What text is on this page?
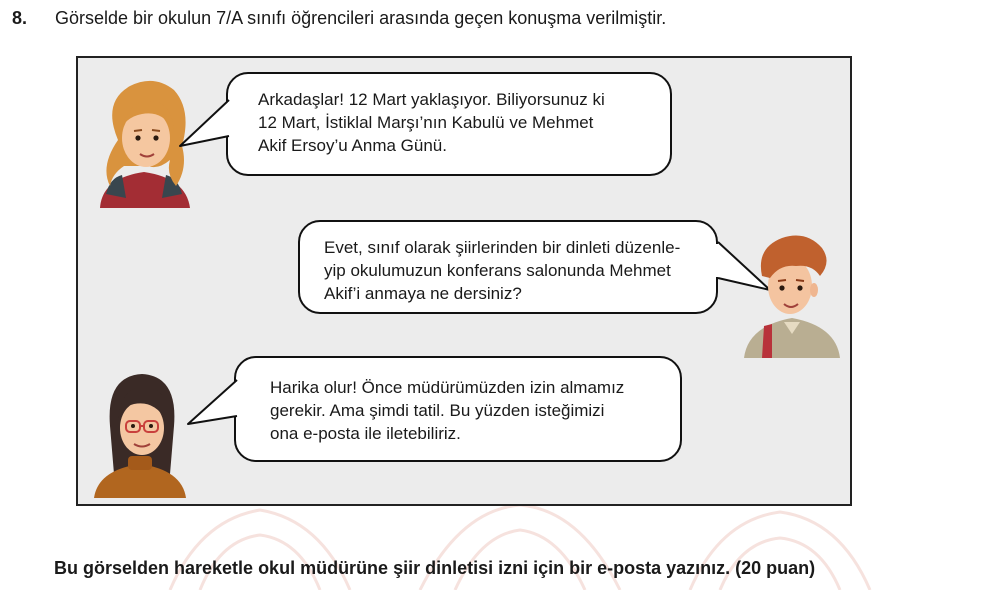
8. Görselde bir okulun 7/A sınıfı öğrencileri arasında geçen konuşma verilmiştir.
Arkadaşlar! 12 Mart yaklaşıyor. Biliyorsunuz ki
12 Mart, İstiklal Marşı’nın Kabulü ve Mehmet
Akif Ersoy’u Anma Günü.
Evet, sınıf olarak şiirlerinden bir dinleti düzenle-
yip okulumuzun konferans salonunda Mehmet
Akif’i anmaya ne dersiniz?
Harika olur! Önce müdürümüzden izin almamız
gerekir. Ama şimdi tatil. Bu yüzden isteğimizi
ona e-posta ile iletebiliriz.
Bu görselden hareketle okul müdürüne şiir dinletisi izni için bir e-posta yazınız. (20 puan)
